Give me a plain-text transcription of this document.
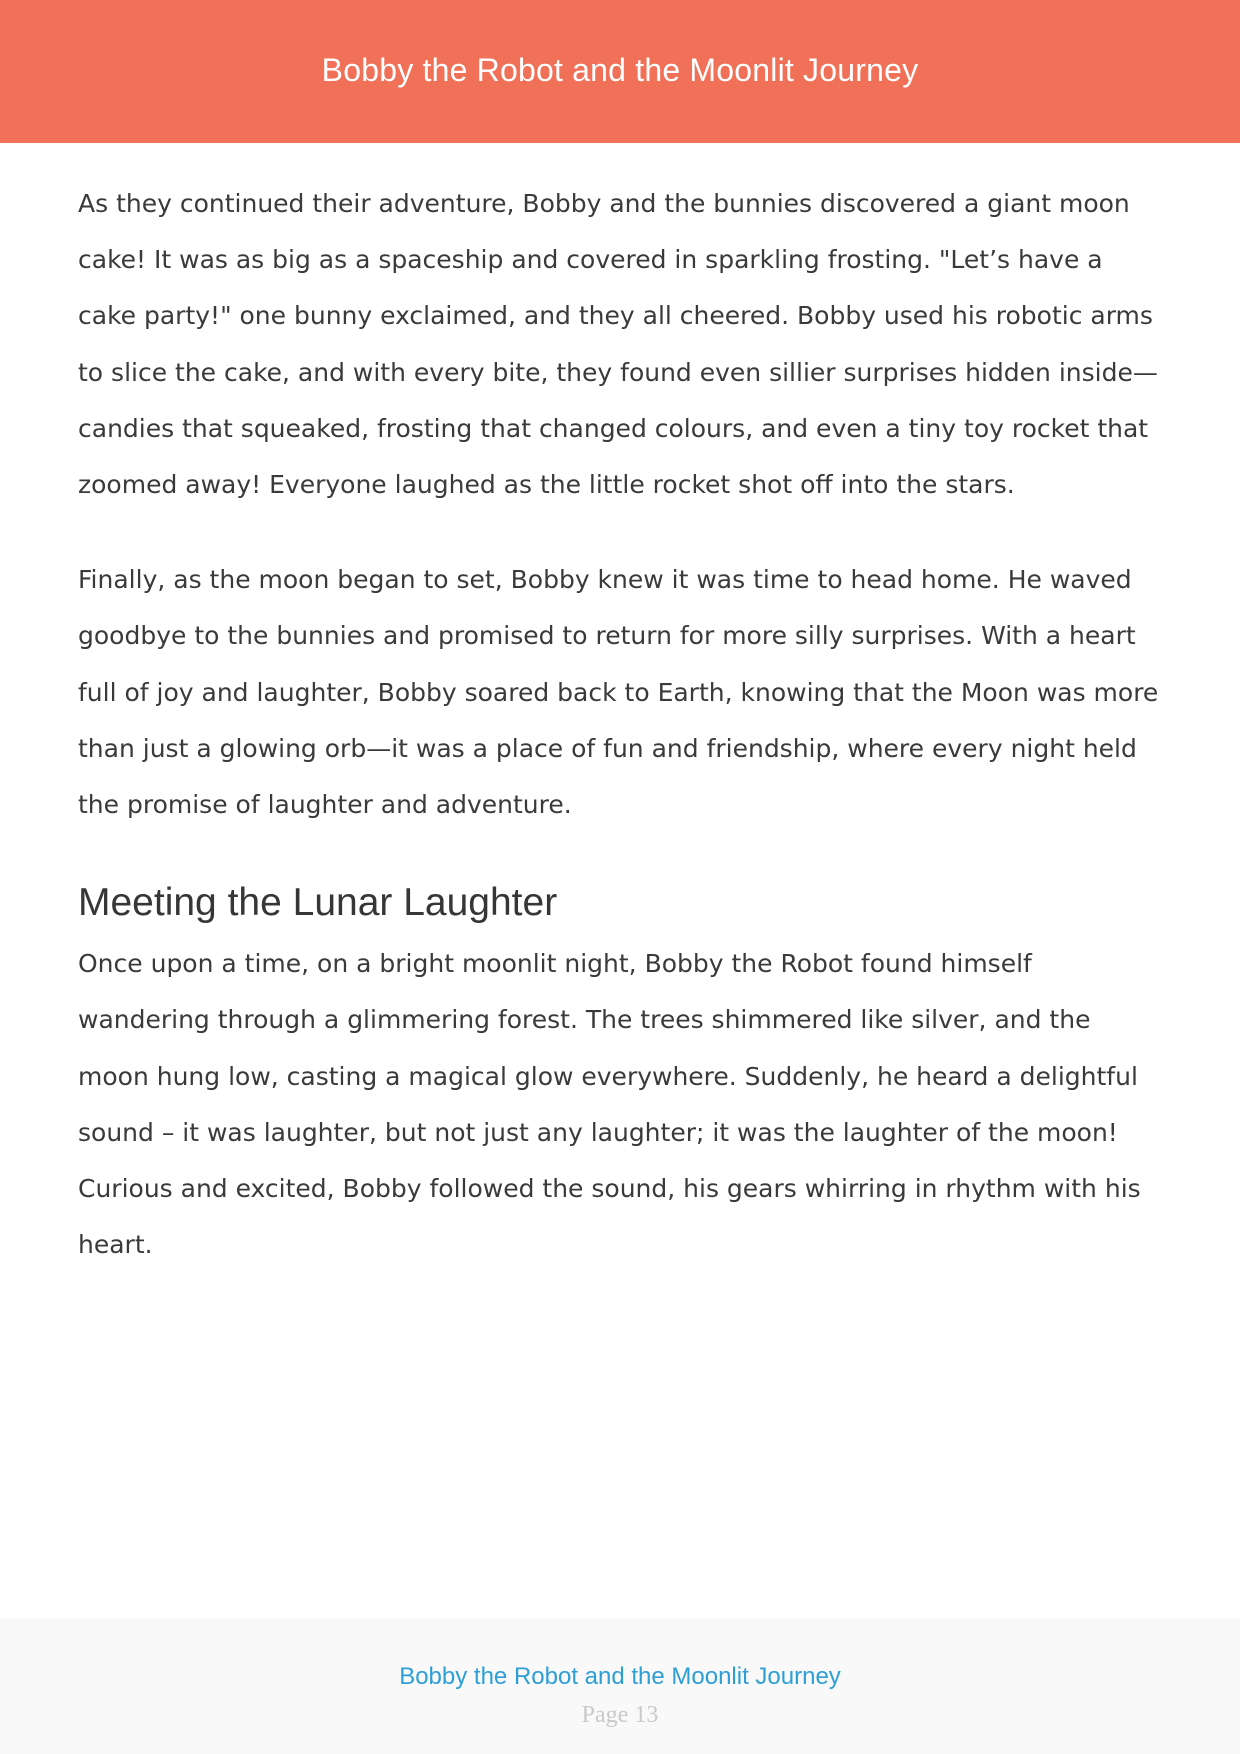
Bobby the Robot and the Moonlit Journey

As they continued their adventure, Bobby and the bunnies discovered a giant moon cake! It was as big as a spaceship and covered in sparkling frosting. "Let’s have a cake party!" one bunny exclaimed, and they all cheered. Bobby used his robotic arms to slice the cake, and with every bite, they found even sillier surprises hidden inside—candies that squeaked, frosting that changed colours, and even a tiny toy rocket that zoomed away! Everyone laughed as the little rocket shot off into the stars.

Finally, as the moon began to set, Bobby knew it was time to head home. He waved goodbye to the bunnies and promised to return for more silly surprises. With a heart full of joy and laughter, Bobby soared back to Earth, knowing that the Moon was more than just a glowing orb—it was a place of fun and friendship, where every night held the promise of laughter and adventure.

Meeting the Lunar Laughter

Once upon a time, on a bright moonlit night, Bobby the Robot found himself wandering through a glimmering forest. The trees shimmered like silver, and the moon hung low, casting a magical glow everywhere. Suddenly, he heard a delightful sound – it was laughter, but not just any laughter; it was the laughter of the moon! Curious and excited, Bobby followed the sound, his gears whirring in rhythm with his heart.

Bobby the Robot and the Moonlit Journey
Page 13
